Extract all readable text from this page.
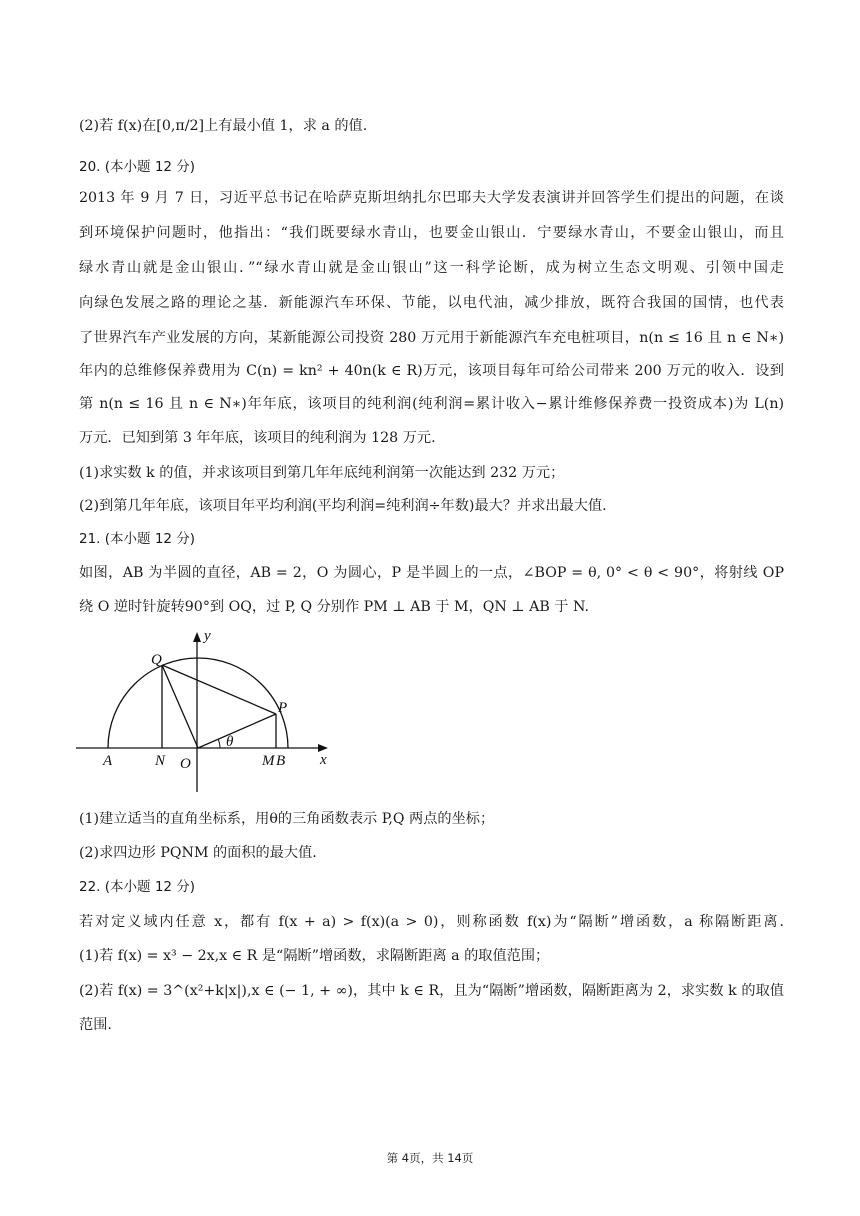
(2)若 f(x)在[0,π/2]上有最小值 1，求 a 的值.
20. (本小题 12 分)
2013 年 9 月 7 日，习近平总书记在哈萨克斯坦纳扎尔巴耶夫大学发表演讲并回答学生们提出的问题，在谈
到环境保护问题时，他指出：“我们既要绿水青山，也要金山银山．宁要绿水青山，不要金山银山，而且
绿水青山就是金山银山．”“绿水青山就是金山银山”这一科学论断，成为树立生态文明观、引领中国走
向绿色发展之路的理论之基．新能源汽车环保、节能，以电代油，减少排放，既符合我国的国情，也代表
了世界汽车产业发展的方向，某新能源公司投资 280 万元用于新能源汽车充电桩项目，n(n ≤ 16 且 n ∈ N∗)
年内的总维修保养费用为 C(n) = kn² + 40n(k ∈ R)万元，该项目每年可给公司带来 200 万元的收入．设到
第 n(n ≤ 16 且 n ∈ N∗)年年底，该项目的纯利润(纯利润=累计收入−累计维修保养费一投资成本)为 L(n)
万元．已知到第 3 年年底，该项目的纯利润为 128 万元.
(1)求实数 k 的值，并求该项目到第几年年底纯利润第一次能达到 232 万元；
(2)到第几年年底，该项目年平均利润(平均利润=纯利润÷年数)最大？并求出最大值.
21. (本小题 12 分)
如图，AB 为半圆的直径，AB = 2，O 为圆心，P 是半圆上的一点，∠BOP = θ, 0° < θ < 90°，将射线 OP
绕 O 逆时针旋转90°到 OQ，过 P, Q 分别作 PM ⊥ AB 于 M，QN ⊥ AB 于 N.
y
x
Q
P
θ
A	N O	M B
(1)建立适当的直角坐标系，用θ的三角函数表示 P,Q 两点的坐标；
(2)求四边形 PQNM 的面积的最大值.
22. (本小题 12 分)
若对定义域内任意 x，都有 f(x + a) > f(x)(a > 0)，则称函数 f(x)为“隔断”增函数，a 称隔断距离.
(1)若 f(x) = x³ − 2x,x ∈ R 是“隔断”增函数，求隔断距离 a 的取值范围；
(2)若 f(x) = 3^(x²+k|x|),x ∈ (− 1, + ∞)，其中 k ∈ R，且为“隔断”增函数，隔断距离为 2，求实数 k 的取值
范围.
第 4页，共 14页
